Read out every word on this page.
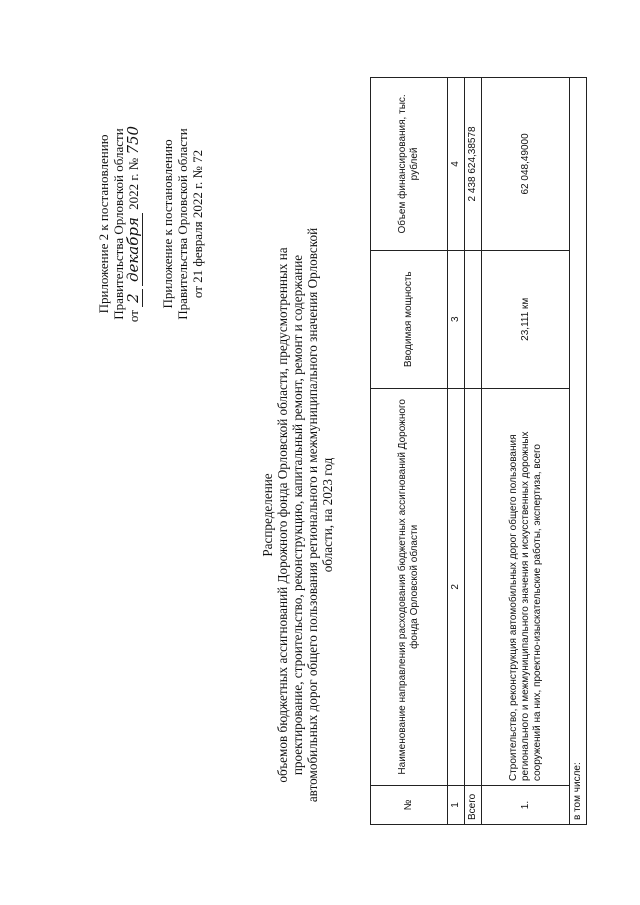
Приложение 2 к постановлению Правительства Орловской области от 2 декабря 2022 г. № 750 Приложение к постановлению Правительства Орловской области от 21 февраля 2022 г. № 72
Распределение объемов бюджетных ассигнований Дорожного фонда Орловской области, предусмотренных на проектирование, строительство, реконструкцию, капитальный ремонт, ремонт и содержание автомобильных дорог общего пользования регионального и межмуниципального значения Орловской области, на 2023 год
№	Наименование направления расходования бюджетных ассигнований Дорожного фонда Орловской области	Вводимая мощность	Объем финансирования, тыс. рублей
1	2	3	4
Всего			2 438 624,38578
1.	Строительство, реконструкция автомобильных дорог общего пользования регионального и межмуниципального значения и искусственных дорожных сооружений на них, проектно-изыскательские работы, экспертиза, всего	23,111 км	62 048,49000
в том числе:			
